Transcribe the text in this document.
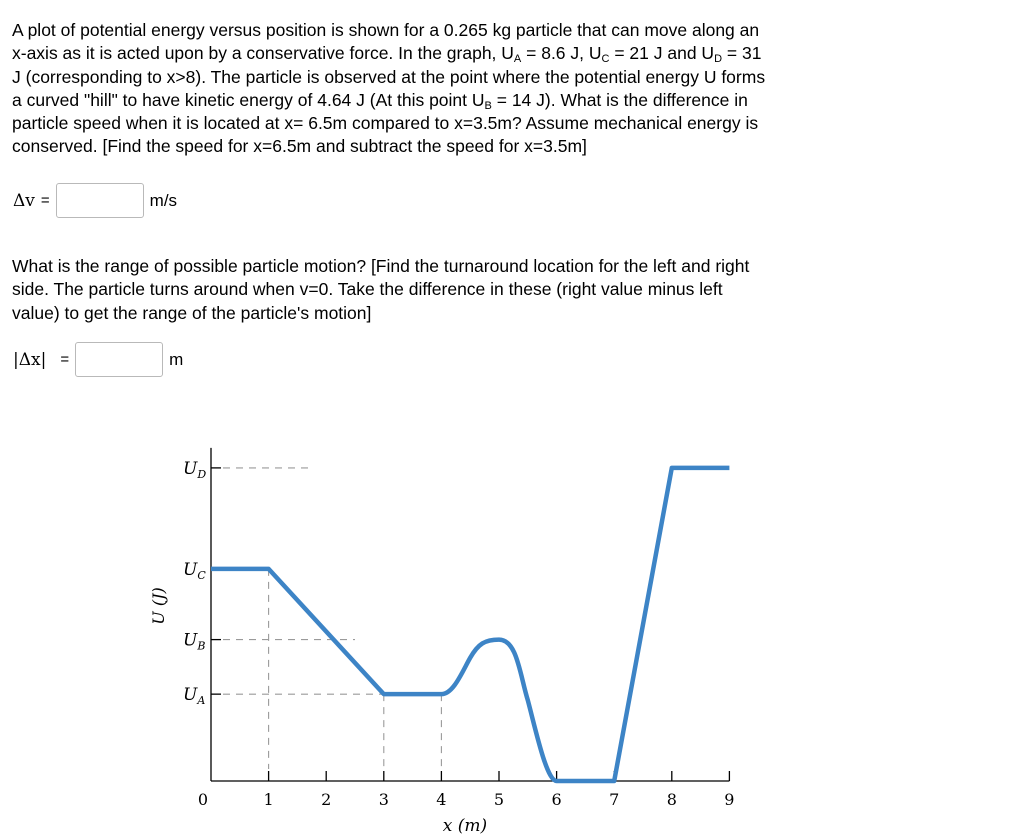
A plot of potential energy versus position is shown for a 0.265 kg particle that can move along an
x-axis as it is acted upon by a conservative force. In the graph, $U_A = 8.6$ J, $U_C = 21$ J and $U_D = 31$
J (corresponding to x>8). The particle is observed at the point where the potential energy U forms
a curved "hill" to have kinetic energy of 4.64 J (At this point $U_B = 14$ J). What is the difference in
particle speed when it is located at x= 6.5m compared to x=3.5m? Assume mechanical energy is
conserved. [Find the speed for x=6.5m and subtract the speed for x=3.5m]
Δv =	m/s
What is the range of possible particle motion? [Find the turnaround location for the left and right
side. The particle turns around when v=0. Take the difference in these (right value minus left
value) to get the range of the particle's motion]
|Δx| =	m
0	1	2	3	4	5	6	7	8	9
$U_D$
$U_C$
$U_B$
$U_A$
x (m)
U (J)
